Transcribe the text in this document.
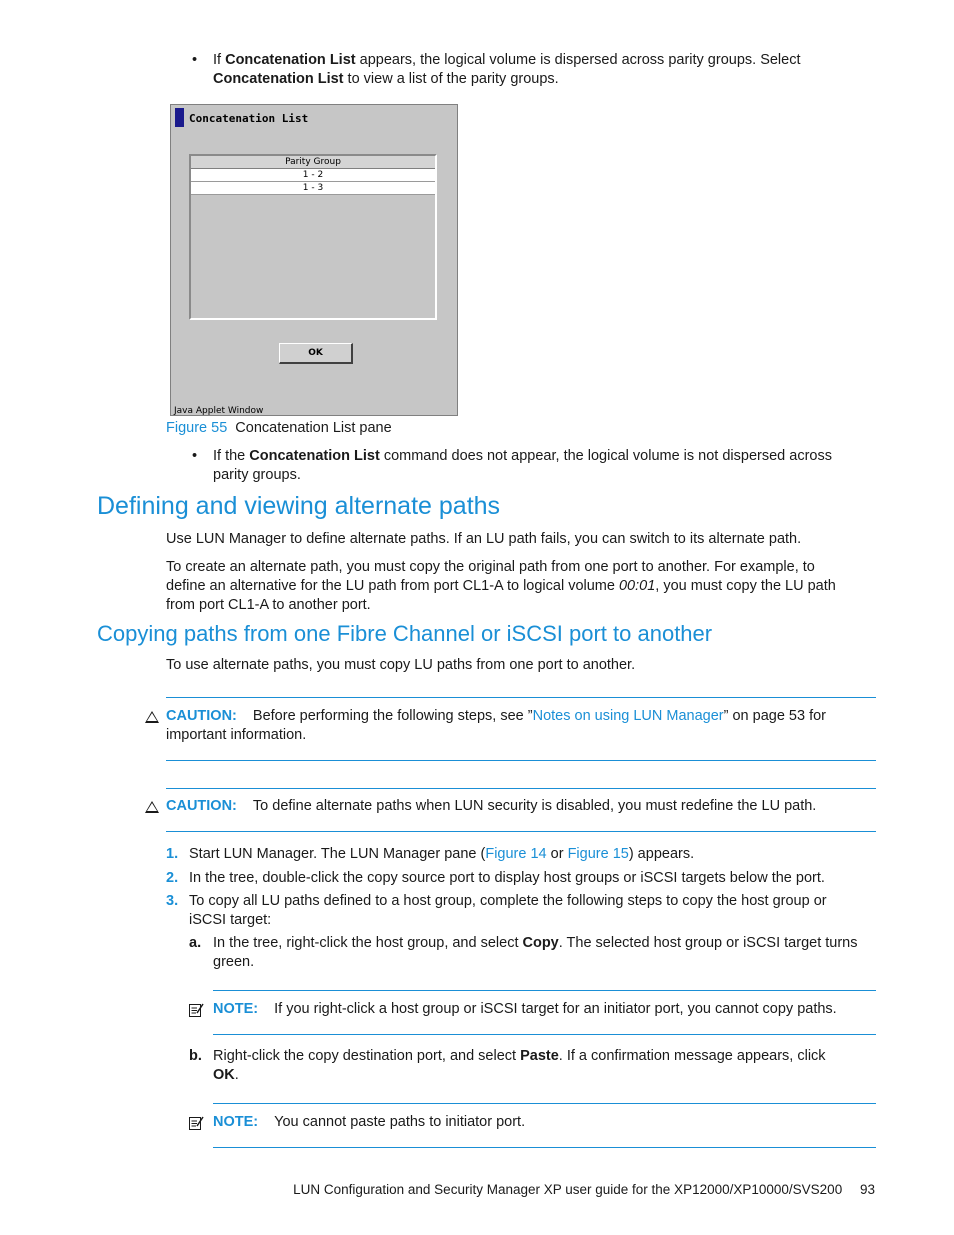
• If Concatenation List appears, the logical volume is dispersed across parity groups. Select
Concatenation List to view a list of the parity groups.
Concatenation List
Parity Group
1 - 2
1 - 3
OK
Java Applet Window
Figure 55 Concatenation List pane
• If the Concatenation List command does not appear, the logical volume is not dispersed across
parity groups.
Defining and viewing alternate paths
Use LUN Manager to define alternate paths. If an LU path fails, you can switch to its alternate path.
To create an alternate path, you must copy the original path from one port to another. For example, to
define an alternative for the LU path from port CL1-A to logical volume 00:01, you must copy the LU path
from port CL1-A to another port.
Copying paths from one Fibre Channel or iSCSI port to another
To use alternate paths, you must copy LU paths from one port to another.
CAUTION: Before performing the following steps, see ”Notes on using LUN Manager” on page 53 for
important information.
CAUTION: To define alternate paths when LUN security is disabled, you must redefine the LU path.
1. Start LUN Manager. The LUN Manager pane (Figure 14 or Figure 15) appears.
2. In the tree, double-click the copy source port to display host groups or iSCSI targets below the port.
3. To copy all LU paths defined to a host group, complete the following steps to copy the host group or
iSCSI target:
a. In the tree, right-click the host group, and select Copy. The selected host group or iSCSI target turns
green.
NOTE: If you right-click a host group or iSCSI target for an initiator port, you cannot copy paths.
b. Right-click the copy destination port, and select Paste. If a confirmation message appears, click
OK.
NOTE: You cannot paste paths to initiator port.
LUN Configuration and Security Manager XP user guide for the XP12000/XP10000/SVS200 93
